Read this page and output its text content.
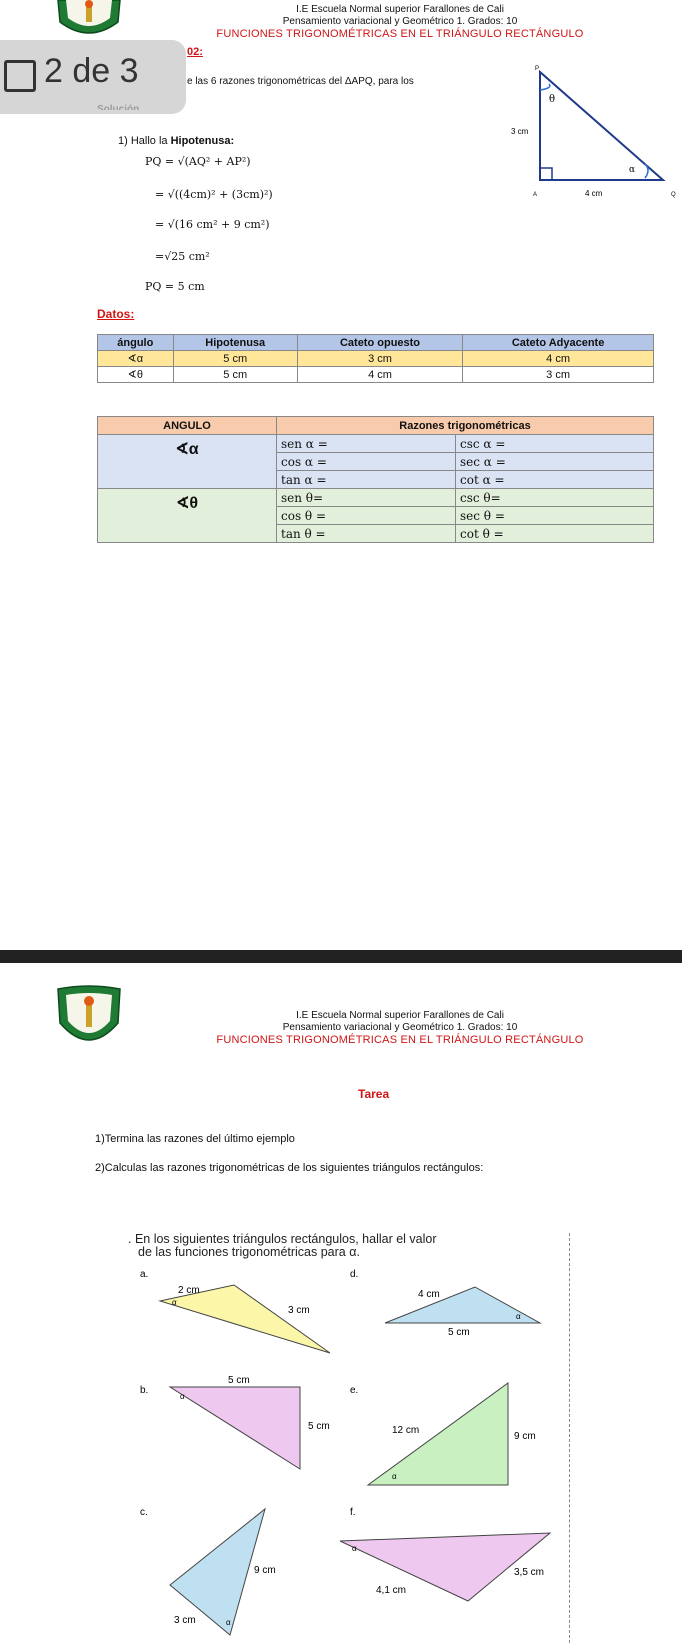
I.E Escuela Normal superior Farallones de Cali
Pensamiento variacional y Geométrico 1. Grados: 10
FUNCIONES TRIGONOMÉTRICAS EN EL TRIÁNGULO RECTÁNGULO
02:
e las 6 razones trigonométricas del ΔAPQ, para los
2 de 3
1) Hallo la Hipotenusa:
PQ = √(AQ² + AP²)
= √((4cm)² + (3cm)²)
= √(16 cm² + 9 cm²)
=√25 cm²
PQ = 5 cm
P
θ
3 cm
α
A	4 cm	Q
Datos:
ángulo	Hipotenusa	Cateto opuesto	Cateto Adyacente
∢α	5 cm	3 cm	4 cm
∢θ	5 cm	4 cm	3 cm
ANGULO	Razones trigonométricas	
∢α	sen α =	csc α =
	cos α =	sec α =
	tan α =	cot α =
∢θ	sen θ=	csc θ=
	cos θ =	sec θ =
	tan θ =	cot θ =
I.E Escuela Normal superior Farallones de Cali
Pensamiento variacional y Geométrico 1. Grados: 10
FUNCIONES TRIGONOMÉTRICAS EN EL TRIÁNGULO RECTÁNGULO
Tarea
1)Termina las razones del último ejemplo
2)Calculas las razones trigonométricas de los siguientes triángulos rectángulos:
. En los siguientes triángulos rectángulos, hallar el valor
de las funciones trigonométricas para α.
a.
2 cm
3 cm
α
d.
4 cm
5 cm
α
b.
5 cm
5 cm
α
e.
12 cm
9 cm
α
c.
9 cm
3 cm	α
f.
4,1 cm
3,5 cm
α
